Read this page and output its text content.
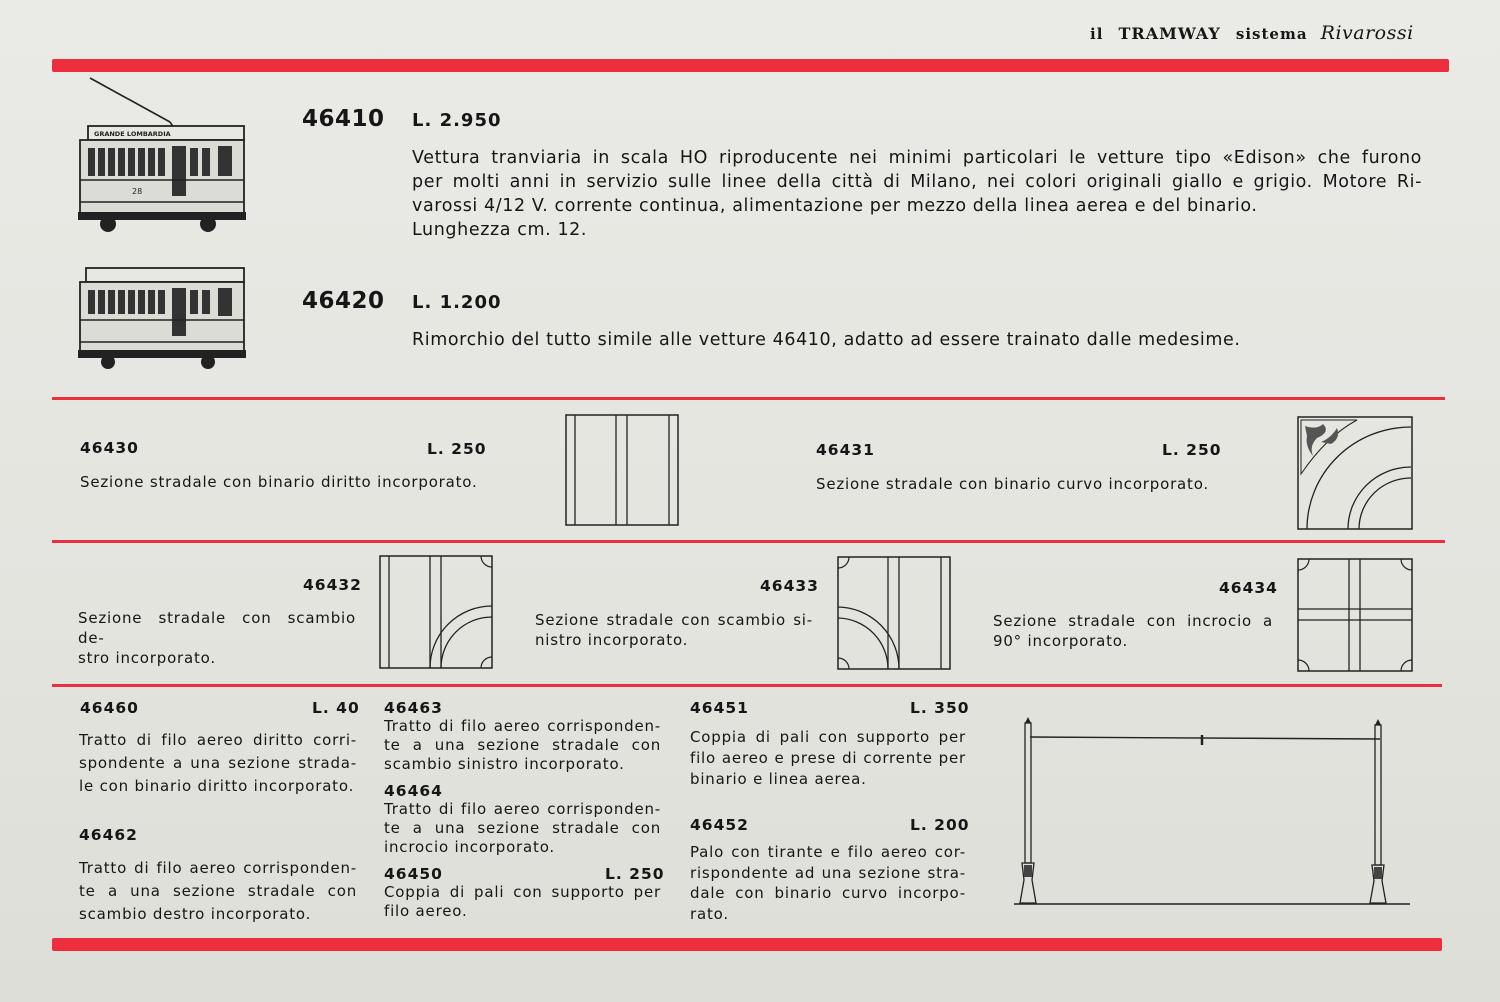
il TRAMWAY sistema Rivarossi
GRANDE LOMBARDIA
28
46410 L. 2.950
Vettura tranviaria in scala HO riproducente nei minimi particolari le vetture tipo «Edison» che furono
per molti anni in servizio sulle linee della città di Milano, nei colori originali giallo e grigio. Motore Ri-
varossi 4/12 V. corrente continua, alimentazione per mezzo della linea aerea e del binario.
Lunghezza cm. 12.
46420 L. 1.200
Rimorchio del tutto simile alle vetture 46410, adatto ad essere trainato dalle medesime.
46430	L. 250
Sezione stradale con binario diritto incorporato.
46431	L. 250
Sezione stradale con binario curvo incorporato.
46432
Sezione stradale con scambio de-
stro incorporato.
46433
Sezione stradale con scambio si-
nistro incorporato.
46434
Sezione stradale con incrocio a
90° incorporato.
46460	L. 40
Tratto di filo aereo diritto corri-
spondente a una sezione strada-
le con binario diritto incorporato.
46462
Tratto di filo aereo corrisponden-
te a una sezione stradale con
scambio destro incorporato.
46463
Tratto di filo aereo corrisponden-
te a una sezione stradale con
scambio sinistro incorporato.
46464
Tratto di filo aereo corrisponden-
te a una sezione stradale con
incrocio incorporato.
46450	L. 250
Coppia di pali con supporto per
filo aereo.
46451	L. 350
Coppia di pali con supporto per
filo aereo e prese di corrente per
binario e linea aerea.
46452	L. 200
Palo con tirante e filo aereo cor-
rispondente ad una sezione stra-
dale con binario curvo incorpo-
rato.
